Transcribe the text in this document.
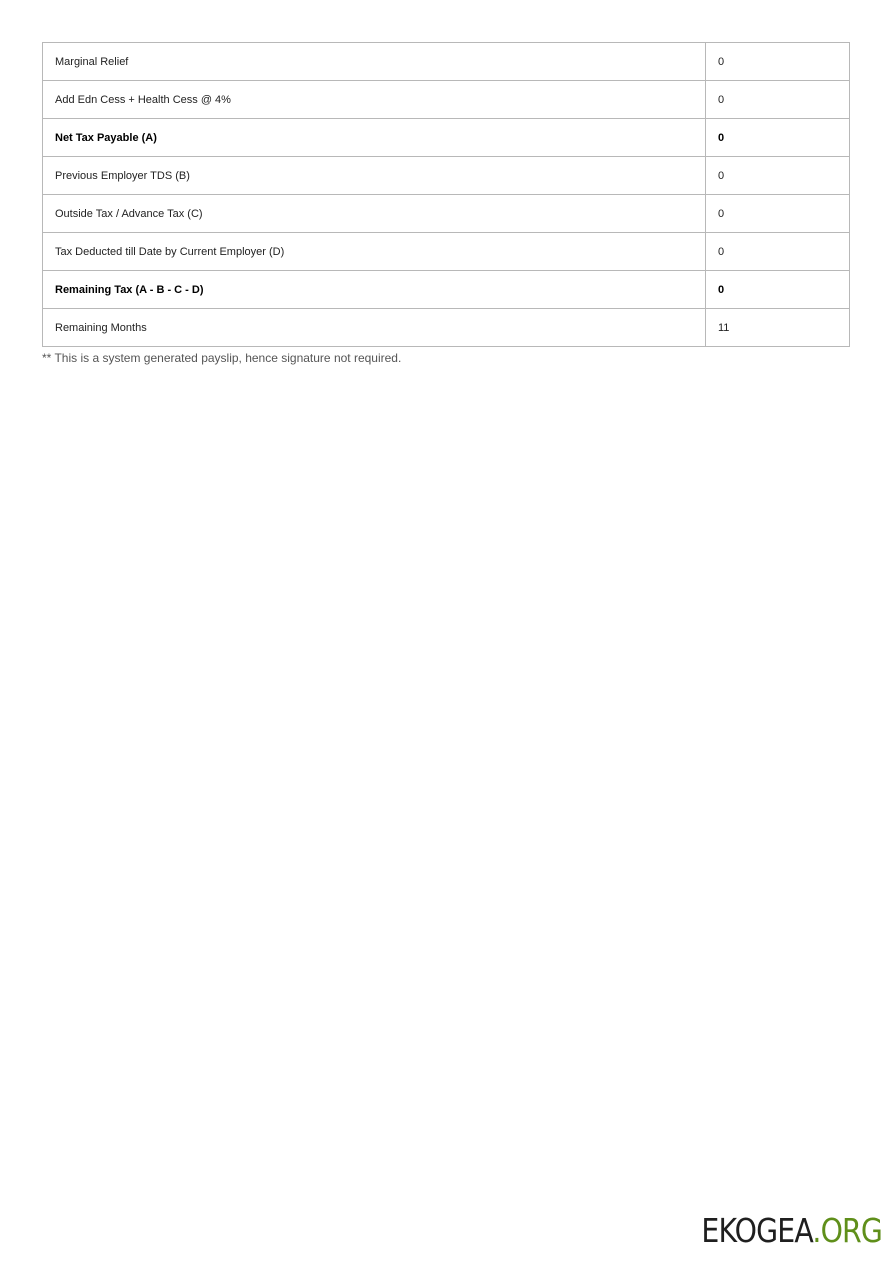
Marginal Relief	0
Add Edn Cess + Health Cess @ 4%	0
Net Tax Payable (A)	0
Previous Employer TDS (B)	0
Outside Tax / Advance Tax (C)	0
Tax Deducted till Date by Current Employer (D)	0
Remaining Tax (A - B - C - D)	0
Remaining Months	11
** This is a system generated payslip, hence signature not required.
EKOGEA.ORG
